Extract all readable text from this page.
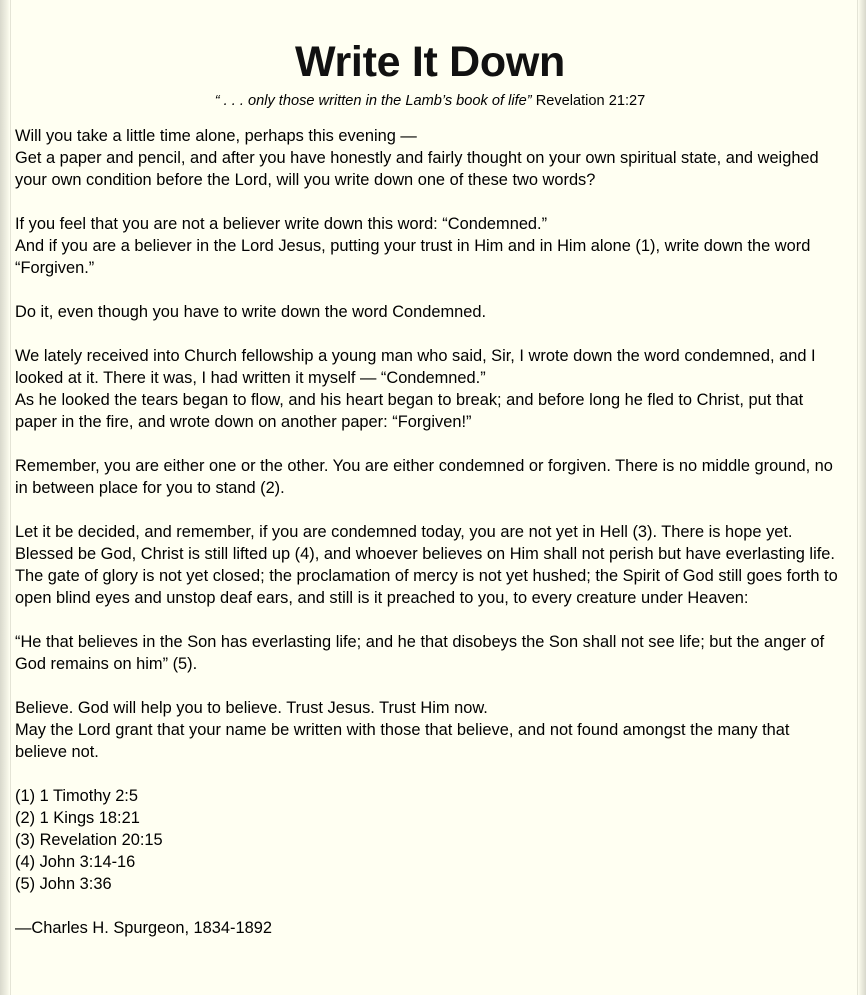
Write It Down
“ . . . only those written in the Lamb’s book of life” Revelation 21:27

Will you take a little time alone, perhaps this evening —
Get a paper and pencil, and after you have honestly and fairly thought on your own spiritual state, and weighed your own condition before the Lord, will you write down one of these two words?

If you feel that you are not a believer write down this word: “Condemned.”
And if you are a believer in the Lord Jesus, putting your trust in Him and in Him alone (1), write down the word “Forgiven.”

Do it, even though you have to write down the word Condemned.

We lately received into Church fellowship a young man who said, Sir, I wrote down the word condemned, and I looked at it. There it was, I had written it myself — “Condemned.”
As he looked the tears began to flow, and his heart began to break; and before long he fled to Christ, put that paper in the fire, and wrote down on another paper: “Forgiven!”

Remember, you are either one or the other. You are either condemned or forgiven. There is no middle ground, no in between place for you to stand (2).

Let it be decided, and remember, if you are condemned today, you are not yet in Hell (3). There is hope yet. Blessed be God, Christ is still lifted up (4), and whoever believes on Him shall not perish but have everlasting life. The gate of glory is not yet closed; the proclamation of mercy is not yet hushed; the Spirit of God still goes forth to open blind eyes and unstop deaf ears, and still is it preached to you, to every creature under Heaven:

“He that believes in the Son has everlasting life; and he that disobeys the Son shall not see life; but the anger of God remains on him” (5).

Believe. God will help you to believe. Trust Jesus. Trust Him now.
May the Lord grant that your name be written with those that believe, and not found amongst the many that believe not.

(1) 1 Timothy 2:5
(2) 1 Kings 18:21
(3) Revelation 20:15
(4) John 3:14-16
(5) John 3:36

—Charles H. Spurgeon, 1834-1892
